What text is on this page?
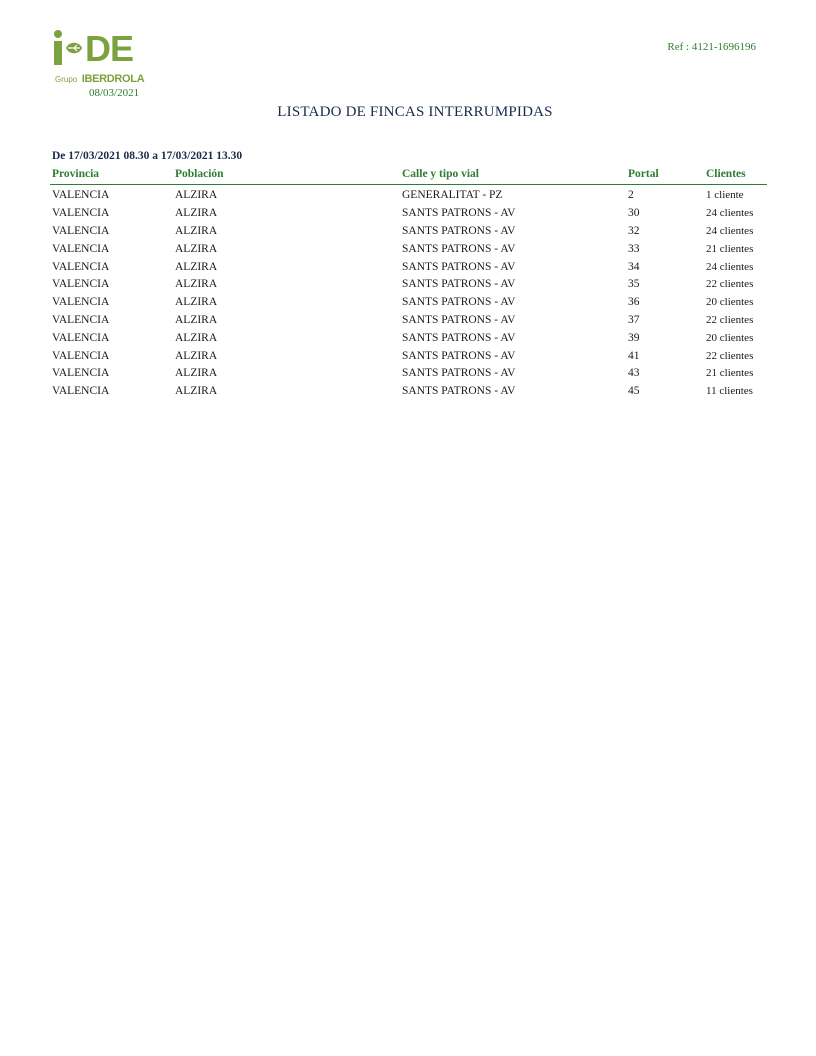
DE
Grupo IBERDROLA
08/03/2021
Ref : 4121-1696196
LISTADO DE FINCAS INTERRUMPIDAS
De 17/03/2021 08.30 a 17/03/2021 13.30
Provincia	Población	Calle y tipo vial	Portal	Clientes
VALENCIA	ALZIRA	GENERALITAT - PZ	2	1 cliente
VALENCIA	ALZIRA	SANTS PATRONS - AV	30	24 clientes
VALENCIA	ALZIRA	SANTS PATRONS - AV	32	24 clientes
VALENCIA	ALZIRA	SANTS PATRONS - AV	33	21 clientes
VALENCIA	ALZIRA	SANTS PATRONS - AV	34	24 clientes
VALENCIA	ALZIRA	SANTS PATRONS - AV	35	22 clientes
VALENCIA	ALZIRA	SANTS PATRONS - AV	36	20 clientes
VALENCIA	ALZIRA	SANTS PATRONS - AV	37	22 clientes
VALENCIA	ALZIRA	SANTS PATRONS - AV	39	20 clientes
VALENCIA	ALZIRA	SANTS PATRONS - AV	41	22 clientes
VALENCIA	ALZIRA	SANTS PATRONS - AV	43	21 clientes
VALENCIA	ALZIRA	SANTS PATRONS - AV	45	11 clientes
